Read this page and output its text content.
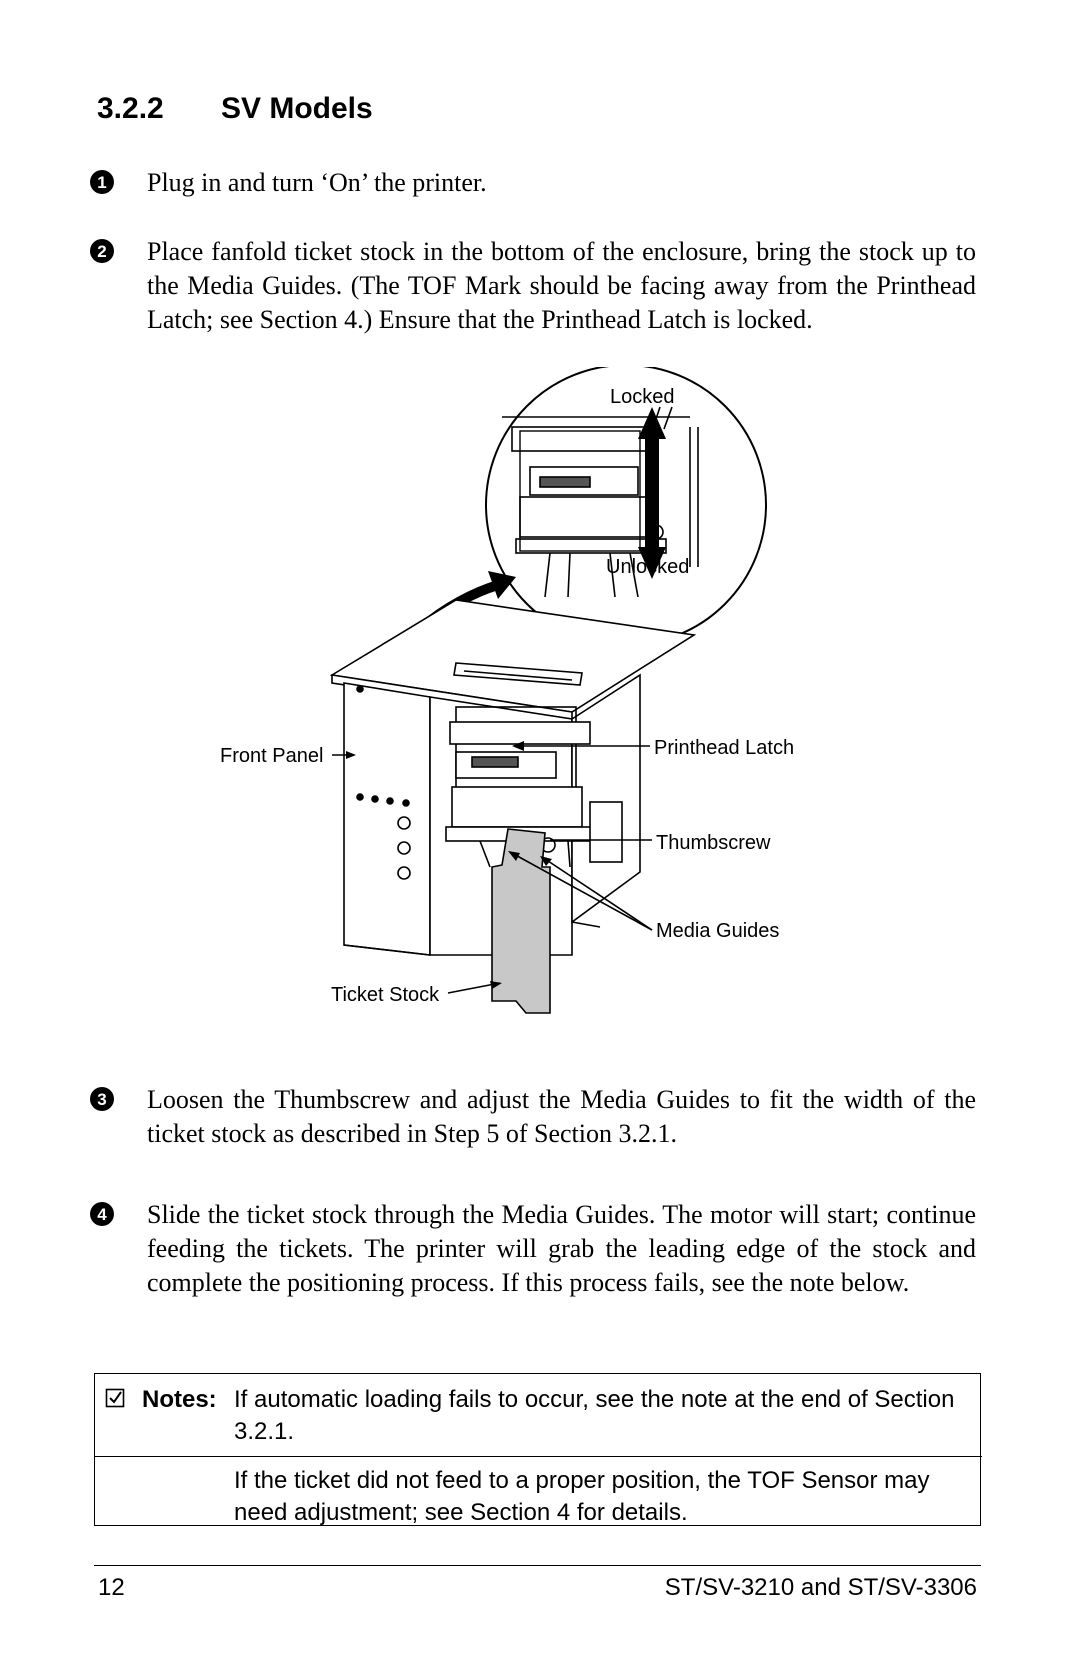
3.2.2 SV Models
1 Plug in and turn ‘On’ the printer.
2 Place fanfold ticket stock in the bottom of the enclosure, bring the stock up to the Media Guides. (The TOF Mark should be facing away from the Printhead Latch; see Section 4.) Ensure that the Printhead Latch is locked.
Locked
Unlocked
Front Panel	Printhead Latch
Thumbscrew
Media Guides
Ticket Stock
3 Loosen the Thumbscrew and adjust the Media Guides to fit the width of the ticket stock as described in Step 5 of Section 3.2.1.
4 Slide the ticket stock through the Media Guides. The motor will start; continue feeding the tickets. The printer will grab the leading edge of the stock and complete the positioning process. If this process fails, see the note below.
Notes: If automatic loading fails to occur, see the note at the end of Section 3.2.1.
If the ticket did not feed to a proper position, the TOF Sensor may need adjustment; see Section 4 for details.
12	ST/SV-3210 and ST/SV-3306
